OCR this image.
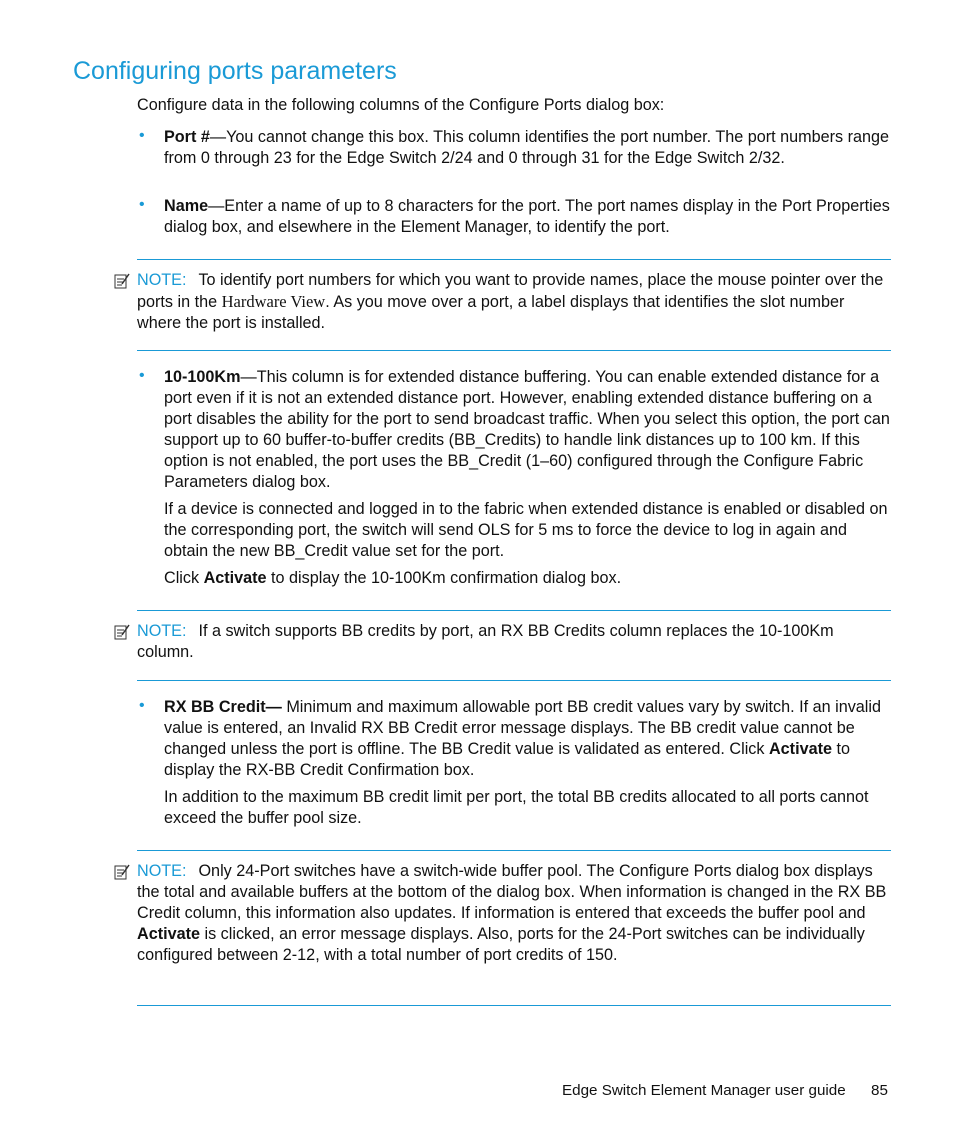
Configuring ports parameters
Configure data in the following columns of the Configure Ports dialog box:
• Port #—You cannot change this box. This column identifies the port number. The port numbers range from 0 through 23 for the Edge Switch 2/24 and 0 through 31 for the Edge Switch 2/32.
• Name—Enter a name of up to 8 characters for the port. The port names display in the Port Properties dialog box, and elsewhere in the Element Manager, to identify the port.
NOTE: To identify port numbers for which you want to provide names, place the mouse pointer over the ports in the Hardware View. As you move over a port, a label displays that identifies the slot number where the port is installed.
• 10-100Km—This column is for extended distance buffering. You can enable extended distance for a port even if it is not an extended distance port. However, enabling extended distance buffering on a port disables the ability for the port to send broadcast traffic. When you select this option, the port can support up to 60 buffer-to-buffer credits (BB_Credits) to handle link distances up to 100 km. If this option is not enabled, the port uses the BB_Credit (1–60) configured through the Configure Fabric Parameters dialog box.
If a device is connected and logged in to the fabric when extended distance is enabled or disabled on the corresponding port, the switch will send OLS for 5 ms to force the device to log in again and obtain the new BB_Credit value set for the port.
Click Activate to display the 10-100Km confirmation dialog box.
NOTE: If a switch supports BB credits by port, an RX BB Credits column replaces the 10-100Km column.
• RX BB Credit— Minimum and maximum allowable port BB credit values vary by switch. If an invalid value is entered, an Invalid RX BB Credit error message displays. The BB credit value cannot be changed unless the port is offline. The BB Credit value is validated as entered. Click Activate to display the RX-BB Credit Confirmation box.
In addition to the maximum BB credit limit per port, the total BB credits allocated to all ports cannot exceed the buffer pool size.
NOTE: Only 24-Port switches have a switch-wide buffer pool. The Configure Ports dialog box displays the total and available buffers at the bottom of the dialog box. When information is changed in the RX BB Credit column, this information also updates. If information is entered that exceeds the buffer pool and Activate is clicked, an error message displays. Also, ports for the 24-Port switches can be individually configured between 2-12, with a total number of port credits of 150.
Edge Switch Element Manager user guide 85
